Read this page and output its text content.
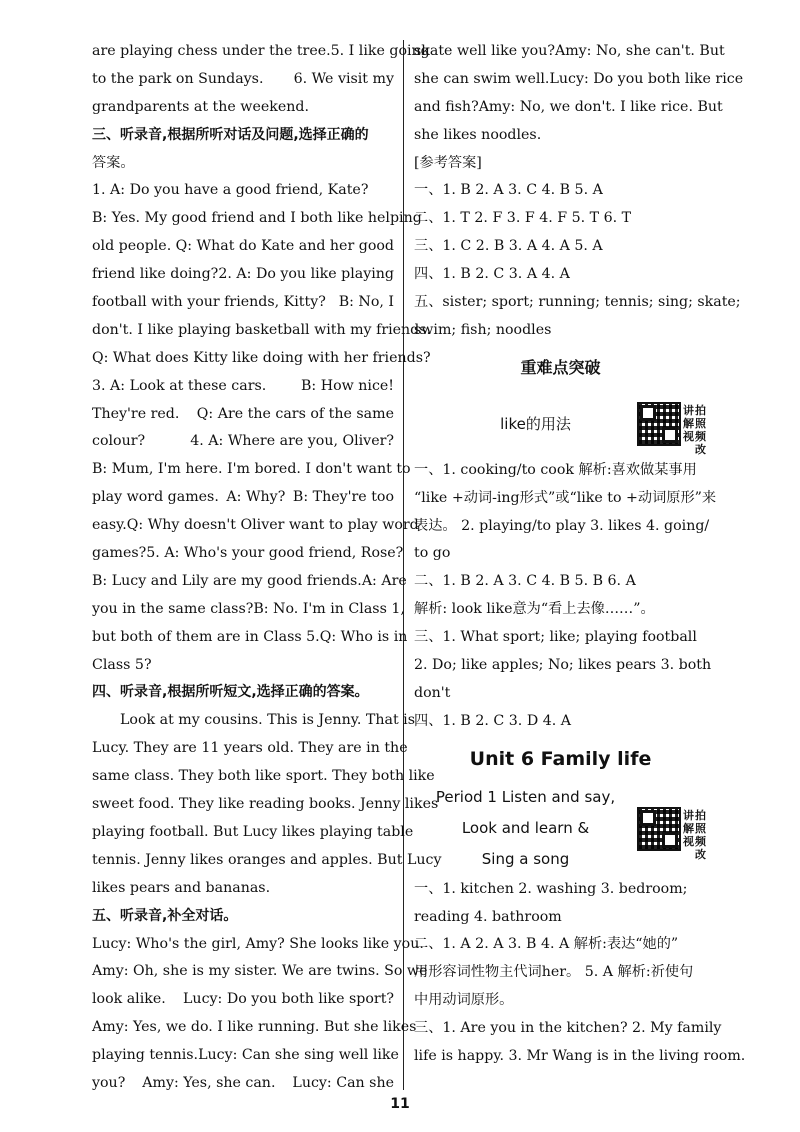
are playing chess under the tree. 5. I like going
to the park on Sundays. 6. We visit my
grandparents at the weekend.
三、听录音,根据所听对话及问题,选择正确的
答案。
1. A: Do you have a good friend, Kate?
B: Yes. My good friend and I both like helping
old people. Q: What do Kate and her good
friend like doing? 2. A: Do you like playing
football with your friends, Kitty? B: No, I
don't. I like playing basketball with my friends.
Q: What does Kitty like doing with her friends?
3. A: Look at these cars. B: How nice!
They're red. Q: Are the cars of the same
colour?	4. A: Where are you, Oliver?
B: Mum, I'm here. I'm bored. I don't want to
play word games. A: Why? B: They're too
easy. Q: Why doesn't Oliver want to play word
games? 5. A: Who's your good friend, Rose?
B: Lucy and Lily are my good friends. A: Are
you in the same class? B: No. I'm in Class 1,
but both of them are in Class 5. Q: Who is in
Class 5?
四、听录音,根据所听短文,选择正确的答案。
Look at my cousins. This is Jenny. That is
Lucy. They are 11 years old. They are in the
same class. They both like sport. They both like
sweet food. They like reading books. Jenny likes
playing football. But Lucy likes playing table
tennis. Jenny likes oranges and apples. But Lucy
likes pears and bananas.
五、听录音,补全对话。
Lucy: Who's the girl, Amy? She looks like you.
Amy: Oh, she is my sister. We are twins. So we
look alike. Lucy: Do you both like sport?
Amy: Yes, we do. I like running. But she likes
playing tennis. Lucy: Can she sing well like
you? Amy: Yes, she can. Lucy: Can she
skate well like you? Amy: No, she can't. But
she can swim well. Lucy: Do you both like rice
and fish? Amy: No, we don't. I like rice. But
she likes noodles.
[参考答案]
一、1. B 2. A 3. C 4. B 5. A
二、1. T 2. F 3. F 4. F 5. T 6. T
三、1. C 2. B 3. A 4. A 5. A
四、1. B 2. C 3. A 4. A
五、sister; sport; running; tennis; sing; skate;
swim; fish; noodles
重难点突破
like的用法
讲
解
视
拍
照
频改
一、1. cooking/to cook 解析:喜欢做某事用
“like +动词-ing形式”或“like to +动词原形”来
表达。 2. playing/to play 3. likes 4. going/
to go
二、1. B 2. A 3. C 4. B 5. B 6. A
解析: look like意为“看上去像……”。
三、1. What sport; like; playing football
2. Do; like apples; No; likes pears 3. both
don't
四、1. B 2. C 3. D 4. A
Unit 6 Family life
Period 1 Listen and say,
Look and learn &
Sing a song
讲
解
视
拍
照
频改
一、1. kitchen 2. washing 3. bedroom;
reading 4. bathroom
二、1. A 2. A 3. B 4. A 解析:表达“她的”
用形容词性物主代词her。 5. A 解析:祈使句
中用动词原形。
三、1. Are you in the kitchen? 2. My family
life is happy. 3. Mr Wang is in the living room.
11
